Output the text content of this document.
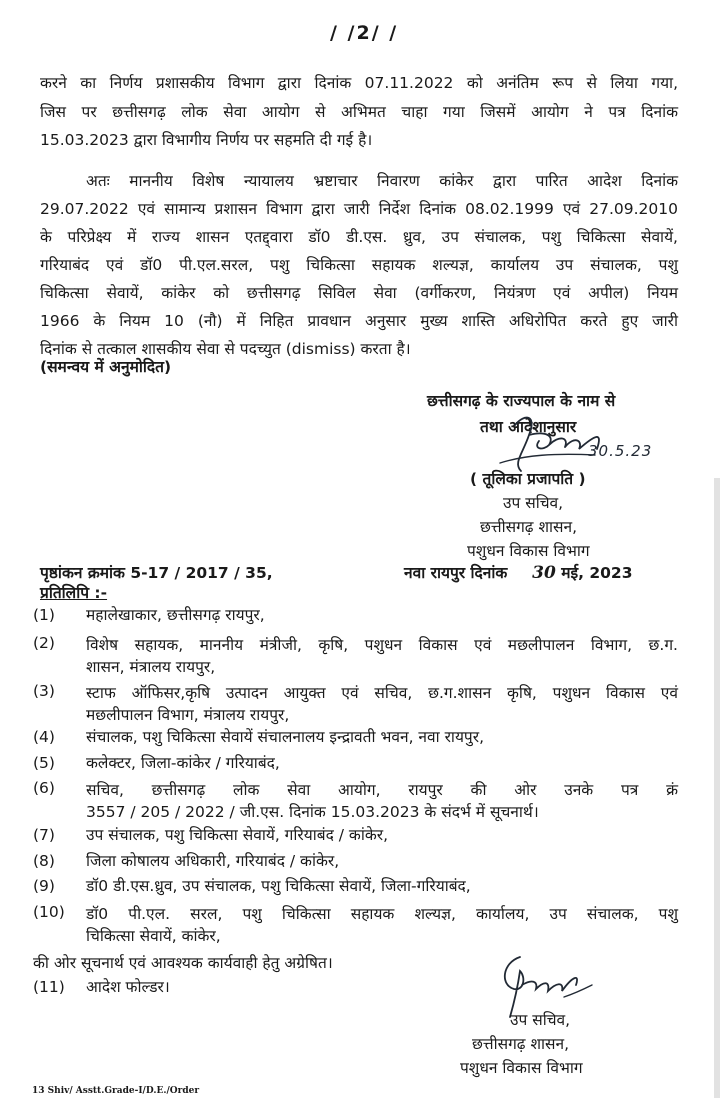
/ /2/ /
करने का निर्णय प्रशासकीय विभाग द्वारा दिनांक 07.11.2022 को अनंतिम रूप से लिया गया,
जिस पर छत्तीसगढ़ लोक सेवा आयोग से अभिमत चाहा गया जिसमें आयोग ने पत्र दिनांक
15.03.2023 द्वारा विभागीय निर्णय पर सहमति दी गई है।
अतः माननीय विशेष न्यायालय भ्रष्टाचार निवारण कांकेर द्वारा पारित आदेश दिनांक
29.07.2022 एवं सामान्य प्रशासन विभाग द्वारा जारी निर्देश दिनांक 08.02.1999 एवं 27.09.2010
के परिप्रेक्ष्य में राज्य शासन एतद्द्वारा डॉ0 डी.एस. ध्रुव, उप संचालक, पशु चिकित्सा सेवायें,
गरियाबंद एवं डॉ0 पी.एल.सरल, पशु चिकित्सा सहायक शल्यज्ञ, कार्यालय उप संचालक, पशु
चिकित्सा सेवायें, कांकेर को छत्तीसगढ़ सिविल सेवा (वर्गीकरण, नियंत्रण एवं अपील) नियम
1966 के नियम 10 (नौ) में निहित प्रावधान अनुसार मुख्य शास्ति अधिरोपित करते हुए जारी
दिनांक से तत्काल शासकीय सेवा से पदच्युत (dismiss) करता है।
(समन्वय में अनुमोदित)
छत्तीसगढ़ के राज्यपाल के नाम से
तथा आदेशानुसार
30.5.23
( तूलिका प्रजापति )
उप सचिव,
छत्तीसगढ़ शासन,
पशुधन विकास विभाग
पृष्ठांकन क्रमांक 5-17 / 2017 / 35,	नवा रायपुर दिनांक 30 मई, 2023
प्रतिलिपि :-
(1) महालेखाकार, छत्तीसगढ़ रायपुर,
(2) विशेष सहायक, माननीय मंत्रीजी, कृषि, पशुधन विकास एवं मछलीपालन विभाग, छ.ग.
शासन, मंत्रालय रायपुर,
(3) स्टाफ ऑफिसर,कृषि उत्पादन आयुक्त एवं सचिव, छ.ग.शासन कृषि, पशुधन विकास एवं
मछलीपालन विभाग, मंत्रालय रायपुर,
(4) संचालक, पशु चिकित्सा सेवायें संचालनालय इन्द्रावती भवन, नवा रायपुर,
(5) कलेक्टर, जिला-कांकेर / गरियाबंद,
(6) सचिव, छत्तीसगढ़ लोक सेवा आयोग, रायपुर की ओर उनके पत्र क्रं
3557 / 205 / 2022 / जी.एस. दिनांक 15.03.2023 के संदर्भ में सूचनार्थ।
(7) उप संचालक, पशु चिकित्सा सेवायें, गरियाबंद / कांकेर,
(8) जिला कोषालय अधिकारी, गरियाबंद / कांकेर,
(9) डॉ0 डी.एस.ध्रुव, उप संचालक, पशु चिकित्सा सेवायें, जिला-गरियाबंद,
(10) डॉ0 पी.एल. सरल, पशु चिकित्सा सहायक शल्यज्ञ, कार्यालय, उप संचालक, पशु
चिकित्सा सेवायें, कांकेर,
की ओर सूचनार्थ एवं आवश्यक कार्यवाही हेतु अग्रेषित।
(11) आदेश फोल्डर।
उप सचिव,
छत्तीसगढ़ शासन,
पशुधन विकास विभाग
13 Shiv/ Asstt.Grade-I/D.E./Order
